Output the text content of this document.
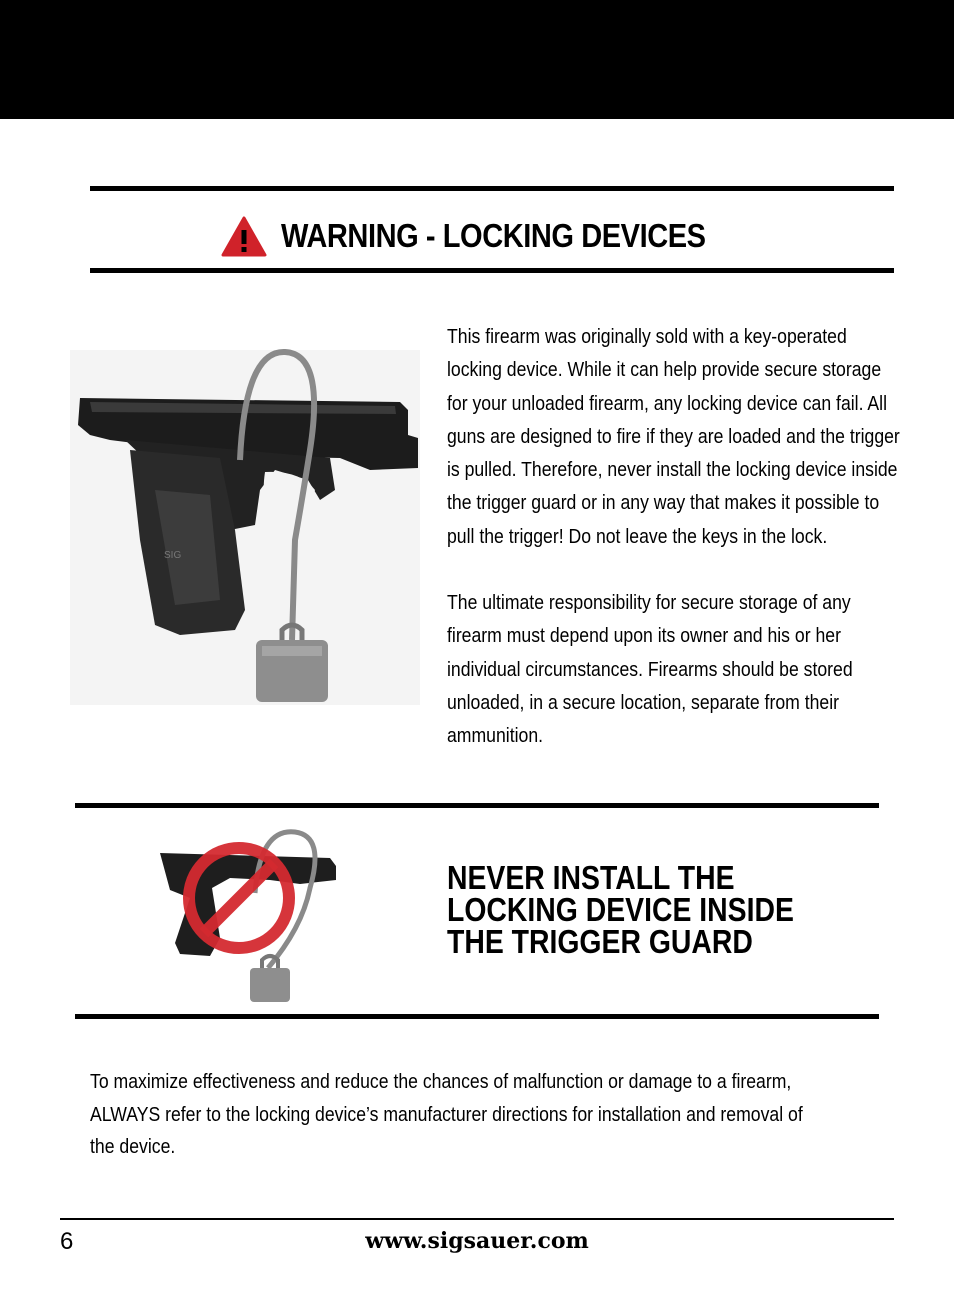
WARNING - LOCKING DEVICES
SIG

This firearm was originally sold with a key-operated locking device. While it can help provide secure storage for your unloaded firearm, any locking device can fail. All guns are designed to fire if they are loaded and the trigger is pulled. Therefore, never install the locking device inside the trigger guard or in any way that makes it possible to pull the trigger! Do not leave the keys in the lock.

The ultimate responsibility for secure storage of any firearm must depend upon its owner and his or her individual circumstances. Firearms should be stored unloaded, in a secure location, separate from their ammunition.

NEVER INSTALL THE
LOCKING DEVICE INSIDE
THE TRIGGER GUARD
To maximize effectiveness and reduce the chances of malfunction or damage to a firearm, ALWAYS refer to the locking device’s manufacturer directions for installation and removal of the device.
6	www.sigsauer.com
